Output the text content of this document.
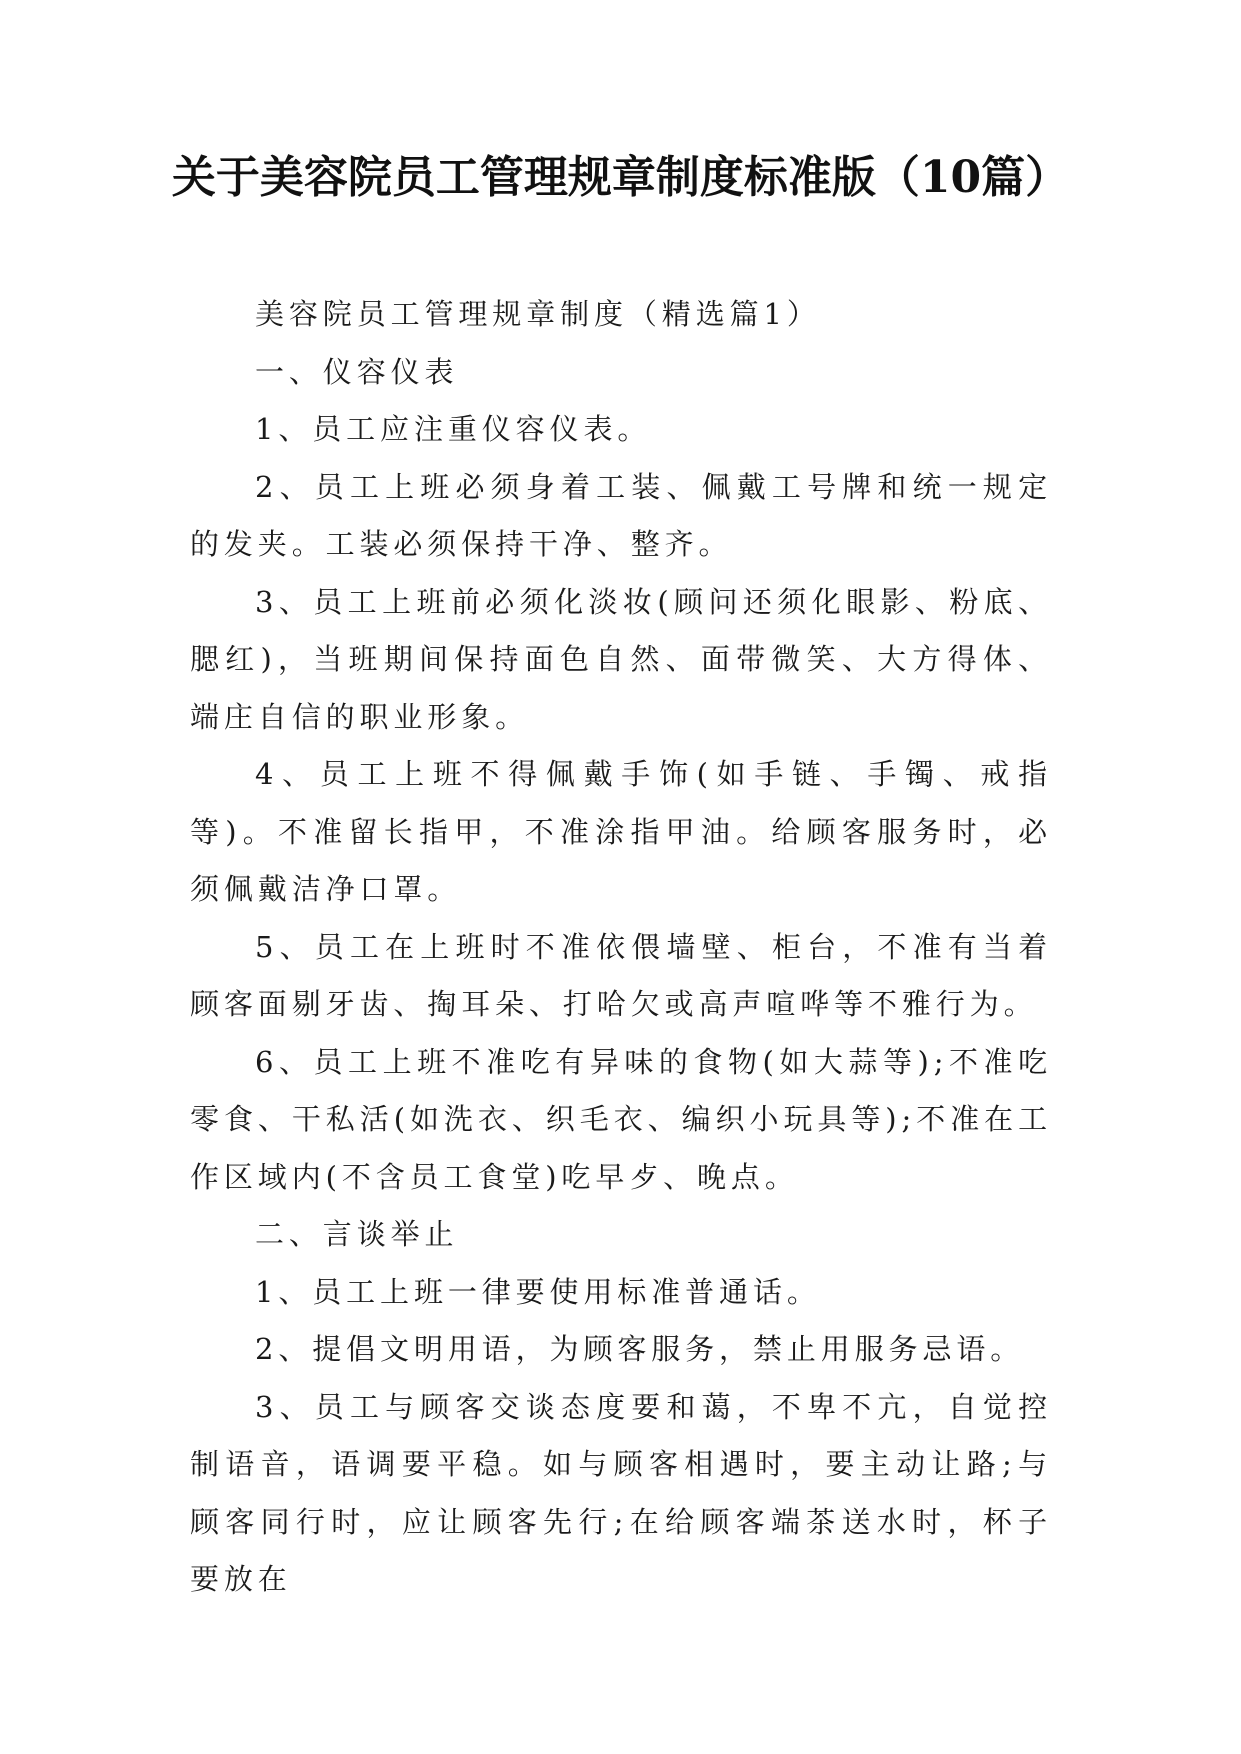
关于美容院员工管理规章制度标准版（10篇）

美容院员工管理规章制度（精选篇1）

一、仪容仪表

1、员工应注重仪容仪表。

2、员工上班必须身着工装、佩戴工号牌和统一规定的发夹。工装必须保持干净、整齐。

3、员工上班前必须化淡妆(顾问还须化眼影、粉底、腮红)，当班期间保持面色自然、面带微笑、大方得体、端庄自信的职业形象。

4、员工上班不得佩戴手饰(如手链、手镯、戒指等)。不准留长指甲，不准涂指甲油。给顾客服务时，必须佩戴洁净口罩。

5、员工在上班时不准依偎墙壁、柜台，不准有当着顾客面剔牙齿、掏耳朵、打哈欠或高声喧哗等不雅行为。

6、员工上班不准吃有异味的食物(如大蒜等);不准吃零食、干私活(如洗衣、织毛衣、编织小玩具等);不准在工作区域内(不含员工食堂)吃早歺、晚点。

二、言谈举止

1、员工上班一律要使用标准普通话。

2、提倡文明用语，为顾客服务，禁止用服务忌语。

3、员工与顾客交谈态度要和蔼，不卑不亢，自觉控制语音，语调要平稳。如与顾客相遇时，要主动让路;与顾客同行时，应让顾客先行;在给顾客端茶送水时，杯子要放在
